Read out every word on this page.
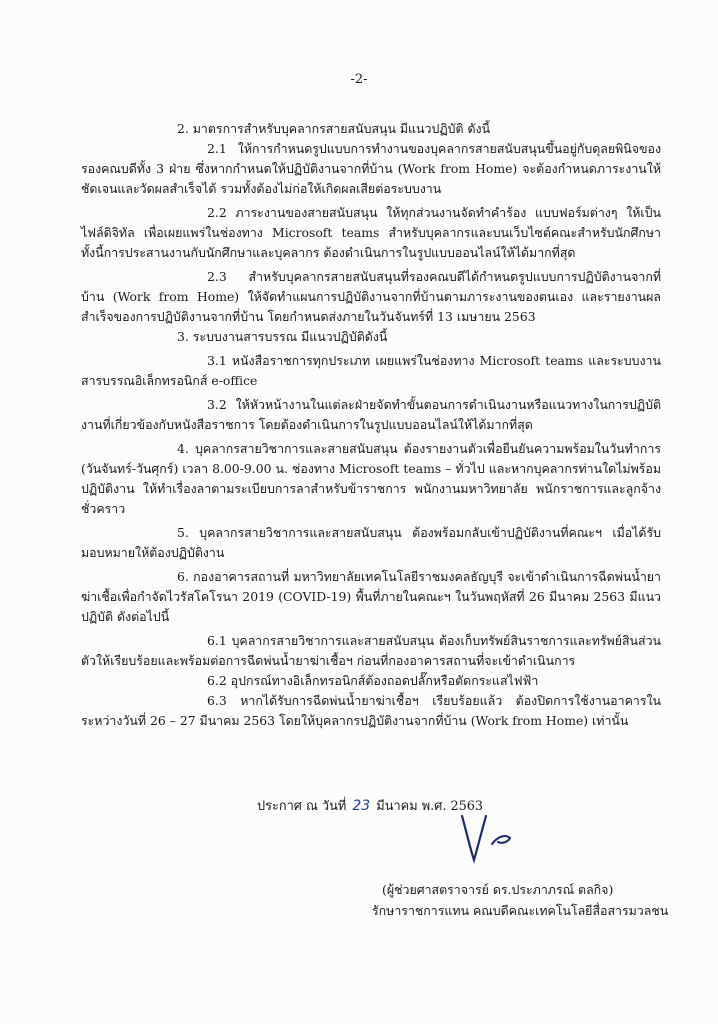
-2-

2. มาตรการสำหรับบุคลากรสายสนับสนุน มีแนวปฏิบัติ ดังนี้

2.1 ให้การกำหนดรูปแบบการทำงานของบุคลากรสายสนับสนุนขึ้นอยู่กับดุลยพินิจของรองคณบดีทั้ง 3 ฝ่าย ซึ่งหากกำหนดให้ปฏิบัติงานจากที่บ้าน (Work from Home) จะต้องกำหนดภาระงานให้ชัดเจนและวัดผลสำเร็จได้ รวมทั้งต้องไม่ก่อให้เกิดผลเสียต่อระบบงาน

2.2 ภาระงานของสายสนับสนุน ให้ทุกส่วนงานจัดทำคำร้อง แบบฟอร์มต่างๆ ให้เป็นไฟล์ดิจิทัล เพื่อเผยแพร่ในช่องทาง Microsoft teams สำหรับบุคลากรและบนเว็บไซต์คณะสำหรับนักศึกษา ทั้งนี้การประสานงานกับนักศึกษาและบุคลากร ต้องดำเนินการในรูปแบบออนไลน์ให้ได้มากที่สุด

2.3 สำหรับบุคลากรสายสนับสนุนที่รองคณบดีได้กำหนดรูปแบบการปฏิบัติงานจากที่บ้าน (Work from Home) ให้จัดทำแผนการปฏิบัติงานจากที่บ้านตามภาระงานของตนเอง และรายงานผลสำเร็จของการปฏิบัติงานจากที่บ้าน โดยกำหนดส่งภายในวันจันทร์ที่ 13 เมษายน 2563

3. ระบบงานสารบรรณ มีแนวปฏิบัติดังนี้

3.1 หนังสือราชการทุกประเภท เผยแพร่ในช่องทาง Microsoft teams และระบบงานสารบรรณอิเล็กทรอนิกส์ e-office

3.2 ให้หัวหน้างานในแต่ละฝ่ายจัดทำขั้นตอนการดำเนินงานหรือแนวทางในการปฏิบัติงานที่เกี่ยวข้องกับหนังสือราชการ โดยต้องดำเนินการในรูปแบบออนไลน์ให้ได้มากที่สุด

4. บุคลากรสายวิชาการและสายสนับสนุน ต้องรายงานตัวเพื่อยืนยันความพร้อมในวันทำการ (วันจันทร์-วันศุกร์) เวลา 8.00-9.00 น. ช่องทาง Microsoft teams – ทั่วไป และหากบุคลากรท่านใดไม่พร้อมปฏิบัติงาน ให้ทำเรื่องลาตามระเบียบการลาสำหรับข้าราชการ พนักงานมหาวิทยาลัย พนักราชการและลูกจ้างชั่วคราว

5. บุคลากรสายวิชาการและสายสนับสนุน ต้องพร้อมกลับเข้าปฏิบัติงานที่คณะฯ เมื่อได้รับมอบหมายให้ต้องปฏิบัติงาน

6. กองอาคารสถานที่ มหาวิทยาลัยเทคโนโลยีราชมงคลธัญบุรี จะเข้าดำเนินการฉีดพ่นน้ำยาฆ่าเชื้อเพื่อกำจัดไวรัสโคโรนา 2019 (COVID-19) พื้นที่ภายในคณะฯ ในวันพฤหัสที่ 26 มีนาคม 2563 มีแนวปฏิบัติ ดังต่อไปนี้

6.1 บุคลากรสายวิชาการและสายสนับสนุน ต้องเก็บทรัพย์สินราชการและทรัพย์สินส่วนตัวให้เรียบร้อยและพร้อมต่อการฉีดพ่นน้ำยาฆ่าเชื้อฯ ก่อนที่กองอาคารสถานที่จะเข้าดำเนินการ

6.2 อุปกรณ์ทางอิเล็กทรอนิกส์ต้องถอดปลั๊กหรือตัดกระแสไฟฟ้า

6.3 หากได้รับการฉีดพ่นน้ำยาฆ่าเชื้อฯ เรียบร้อยแล้ว ต้องปิดการใช้งานอาคารในระหว่างวันที่ 26 – 27 มีนาคม 2563 โดยให้บุคลากรปฏิบัติงานจากที่บ้าน (Work from Home) เท่านั้น

ประกาศ ณ วันที่ 23 มีนาคม พ.ศ. 2563
(ผู้ช่วยศาสตราจารย์ ดร.ประภาภรณ์ ตลกิจ)
รักษาราชการแทน คณบดีคณะเทคโนโลยีสื่อสารมวลชน
